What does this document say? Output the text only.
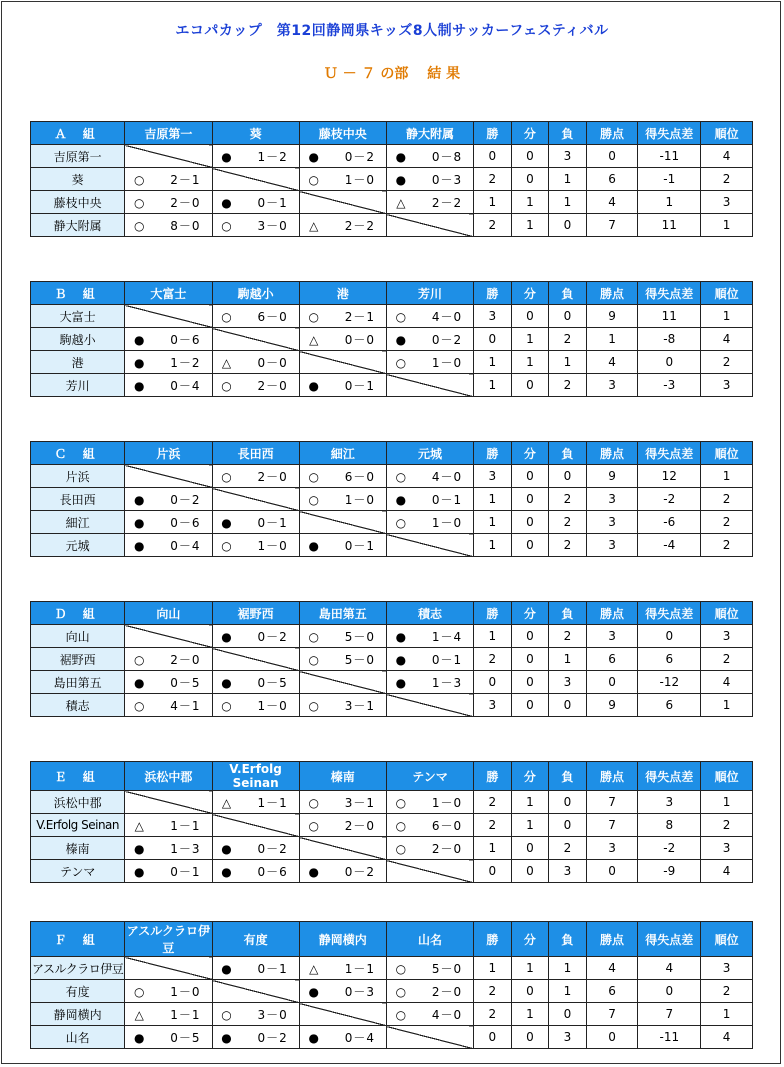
エコパカップ　第12回静岡県キッズ8人制サッカーフェスティバル
Ｕ － ７ の部　 結 果
Ａ 組	吉原第一	葵	藤枝中央	静大附属	勝	分	負	勝点	得失点差	順位
吉原第一		● 1－2	● 0－2	● 0－8	0	0	3	0	-11	4
葵	○ 2－1		○ 1－0	● 0－3	2	0	1	6	-1	2
藤枝中央	○ 2－0	● 0－1		△ 2－2	1	1	1	4	1	3
静大附属	○ 8－0	○ 3－0	△ 2－2		2	1	0	7	11	1
Ｂ 組	大富士	駒越小	港	芳川	勝	分	負	勝点	得失点差	順位
大富士		○ 6－0	○ 2－1	○ 4－0	3	0	0	9	11	1
駒越小	● 0－6		△ 0－0	● 0－2	0	1	2	1	-8	4
港	● 1－2	△ 0－0		○ 1－0	1	1	1	4	0	2
芳川	● 0－4	○ 2－0	● 0－1		1	0	2	3	-3	3
Ｃ 組	片浜	長田西	細江	元城	勝	分	負	勝点	得失点差	順位
片浜		○ 2－0	○ 6－0	○ 4－0	3	0	0	9	12	1
長田西	● 0－2		○ 1－0	● 0－1	1	0	2	3	-2	2
細江	● 0－6	● 0－1		○ 1－0	1	0	2	3	-6	2
元城	● 0－4	○ 1－0	● 0－1		1	0	2	3	-4	2
Ｄ 組	向山	裾野西	島田第五	積志	勝	分	負	勝点	得失点差	順位
向山		● 0－2	○ 5－0	● 1－4	1	0	2	3	0	3
裾野西	○ 2－0		○ 5－0	● 0－1	2	0	1	6	6	2
島田第五	● 0－5	● 0－5		● 1－3	0	0	3	0	-12	4
積志	○ 4－1	○ 1－0	○ 3－1		3	0	0	9	6	1
Ｅ 組	浜松中郡	V.Erfolg Seinan	榛南	テンマ	勝	分	負	勝点	得失点差	順位
浜松中郡		△ 1－1	○ 3－1	○ 1－0	2	1	0	7	3	1
V.Erfolg Seinan	△ 1－1		○ 2－0	○ 6－0	2	1	0	7	8	2
榛南	● 1－3	● 0－2		○ 2－0	1	0	2	3	-2	3
テンマ	● 0－1	● 0－6	● 0－2		0	0	3	0	-9	4
Ｆ 組	アスルクラロ伊豆	有度	静岡横内	山名	勝	分	負	勝点	得失点差	順位
アスルクラロ伊豆		● 0－1	△ 1－1	○ 5－0	1	1	1	4	4	3
有度	○ 1－0		● 0－3	○ 2－0	2	0	1	6	0	2
静岡横内	△ 1－1	○ 3－0		○ 4－0	2	1	0	7	7	1
山名	● 0－5	● 0－2	● 0－4		0	0	3	0	-11	4
